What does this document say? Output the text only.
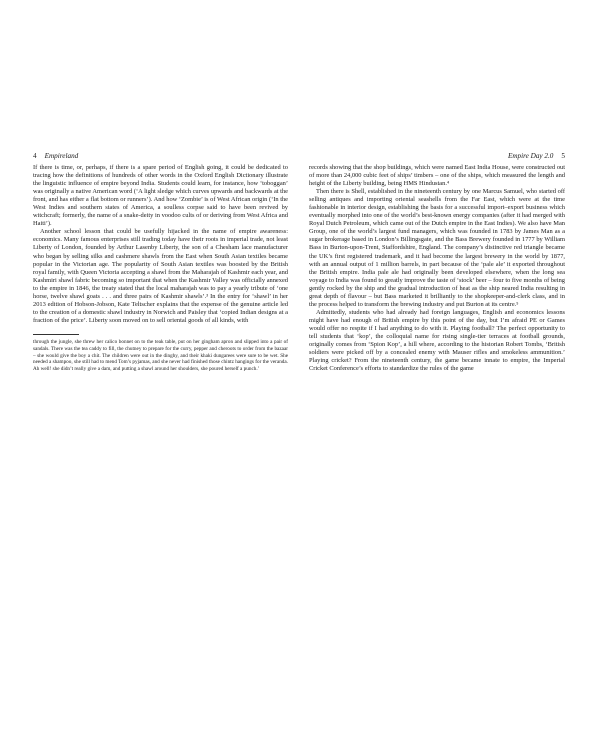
4 Empireland

If there is time, or, perhaps, if there is a spare period of English going, it could be dedicated to tracing how the definitions of hundreds of other words in the Oxford English Dictionary illustrate the linguistic influence of empire beyond India. Students could learn, for instance, how ‘toboggan’ was originally a native American word (‘A light sledge which curves upwards and backwards at the front, and has either a flat bottom or runners’). And how ‘Zombie’ is of West African origin (‘In the West Indies and southern states of America, a soulless corpse said to have been revived by witchcraft; formerly, the name of a snake-deity in voodoo cults of or deriving from West Africa and Haiti’).

Another school lesson that could be usefully hijacked in the name of empire awareness: economics. Many famous enterprises still trading today have their roots in imperial trade, not least Liberty of London, founded by Arthur Lasenby Liberty, the son of a Chesham lace manufacturer who began by selling silks and cashmere shawls from the East when South Asian textiles became popular in the Victorian age. The popularity of South Asian textiles was boosted by the British royal family, with Queen Victoria accepting a shawl from the Maharajah of Kashmir each year, and Kashmiri shawl fabric becoming so important that when the Kashmir Valley was officially annexed to the empire in 1846, the treaty stated that the local maharajah was to pay a yearly tribute of ‘one horse, twelve shawl goats . . . and three pairs of Kashmir shawls’.³ In the entry for ‘shawl’ in her 2013 edition of Hobson-Jobson, Kate Teltscher explains that the expense of the genuine article led to the creation of a domestic shawl industry in Norwich and Paisley that ‘copied Indian designs at a fraction of the price’. Liberty soon moved on to sell oriental goods of all kinds, with

through the jungle, she threw her calico bonnet on to the teak table, put on her gingham apron and slipped into a pair of sandals. There was the tea caddy to fill, the chutney to prepare for the curry, pepper and cheroots to order from the bazaar – she would give the boy a chit. The children were out in the dinghy, and their khaki dungarees were sure to be wet. She needed a shampoo, she still had to mend Tom’s pyjamas, and she never had finished those chintz hangings for the veranda. Ah well! she didn’t really give a dam, and putting a shawl around her shoulders, she poured herself a punch.’

Empire Day 2.0 5

records showing that the shop buildings, which were named East India House, were constructed out of more than 24,000 cubic feet of ships’ timbers – one of the ships, which measured the length and height of the Liberty building, being HMS Hindustan.⁴

Then there is Shell, established in the nineteenth century by one Marcus Samuel, who started off selling antiques and importing oriental seashells from the Far East, which were at the time fashionable in interior design, establishing the basis for a successful import–export business which eventually morphed into one of the world’s best-known energy companies (after it had merged with Royal Dutch Petroleum, which came out of the Dutch empire in the East Indies). We also have Man Group, one of the world’s largest fund managers, which was founded in 1783 by James Man as a sugar brokerage based in London’s Billingsgate, and the Bass Brewery founded in 1777 by William Bass in Burton-upon-Trent, Staffordshire, England. The company’s distinctive red triangle became the UK’s first registered trademark, and it had become the largest brewery in the world by 1877, with an annual output of 1 million barrels, in part because of the ‘pale ale’ it exported throughout the British empire. India pale ale had originally been developed elsewhere, when the long sea voyage to India was found to greatly improve the taste of ‘stock’ beer – four to five months of being gently rocked by the ship and the gradual introduction of heat as the ship neared India resulting in great depth of flavour – but Bass marketed it brilliantly to the shopkeeper-and-clerk class, and in the process helped to transform the brewing industry and put Burton at its centre.⁵

Admittedly, students who had already had foreign languages, English and economics lessons might have had enough of British empire by this point of the day, but I’m afraid PE or Games would offer no respite if I had anything to do with it. Playing football? The perfect opportunity to tell students that ‘kop’, the colloquial name for rising single-tier terraces at football grounds, originally comes from ‘Spion Kop’, a hill where, according to the historian Robert Tombs, ‘British soldiers were picked off by a concealed enemy with Mauser rifles and smokeless ammunition.’ Playing cricket? From the nineteenth century, the game became innate to empire, the Imperial Cricket Conference’s efforts to standardize the rules of the game
